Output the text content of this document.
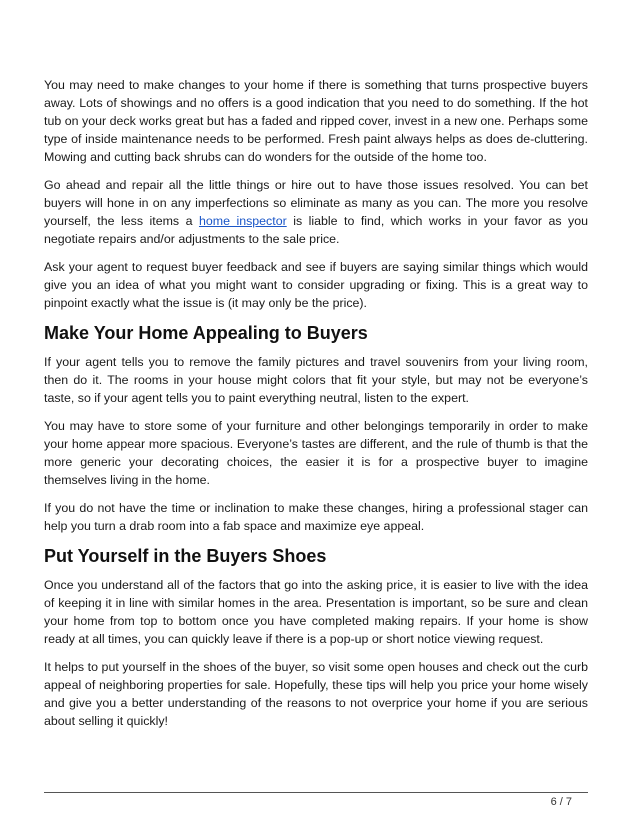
You may need to make changes to your home if there is something that turns prospective buyers away. Lots of showings and no offers is a good indication that you need to do something. If the hot tub on your deck works great but has a faded and ripped cover, invest in a new one. Perhaps some type of inside maintenance needs to be performed. Fresh paint always helps as does de-cluttering. Mowing and cutting back shrubs can do wonders for the outside of the home too.

Go ahead and repair all the little things or hire out to have those issues resolved. You can bet buyers will hone in on any imperfections so eliminate as many as you can. The more you resolve yourself, the less items a home inspector is liable to find, which works in your favor as you negotiate repairs and/or adjustments to the sale price.

Ask your agent to request buyer feedback and see if buyers are saying similar things which would give you an idea of what you might want to consider upgrading or fixing. This is a great way to pinpoint exactly what the issue is (it may only be the price).

Make Your Home Appealing to Buyers

If your agent tells you to remove the family pictures and travel souvenirs from your living room, then do it. The rooms in your house might colors that fit your style, but may not be everyone’s taste, so if your agent tells you to paint everything neutral, listen to the expert.

You may have to store some of your furniture and other belongings temporarily in order to make your home appear more spacious. Everyone’s tastes are different, and the rule of thumb is that the more generic your decorating choices, the easier it is for a prospective buyer to imagine themselves living in the home.

If you do not have the time or inclination to make these changes, hiring a professional stager can help you turn a drab room into a fab space and maximize eye appeal.

Put Yourself in the Buyers Shoes

Once you understand all of the factors that go into the asking price, it is easier to live with the idea of keeping it in line with similar homes in the area. Presentation is important, so be sure and clean your home from top to bottom once you have completed making repairs. If your home is show ready at all times, you can quickly leave if there is a pop-up or short notice viewing request.

It helps to put yourself in the shoes of the buyer, so visit some open houses and check out the curb appeal of neighboring properties for sale. Hopefully, these tips will help you price your home wisely and give you a better understanding of the reasons to not overprice your home if you are serious about selling it quickly!

6 / 7
